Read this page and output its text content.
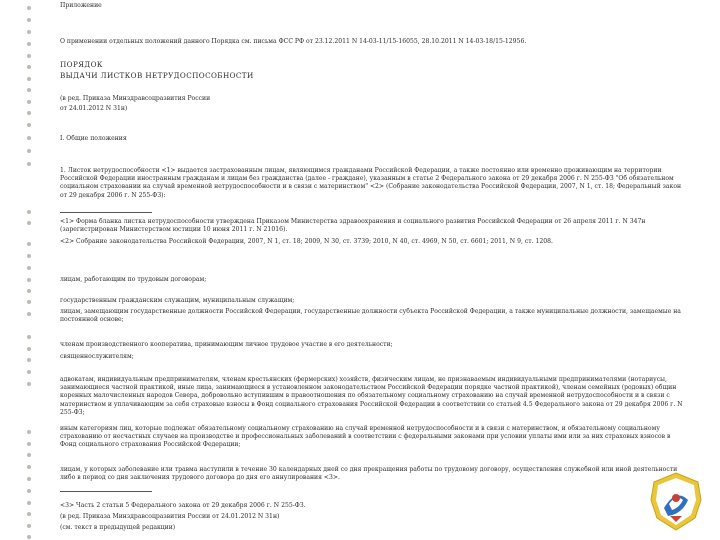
Приложение
О применении отдельных положений данного Порядка см. письма ФСС РФ от 23.12.2011 N 14-03-11/15-16055, 28.10.2011 N 14-03-18/15-12956.
ПОРЯДОК
ВЫДАЧИ ЛИСТКОВ НЕТРУДОСПОСОБНОСТИ
(в ред. Приказа Минздравсоцразвития России
от 24.01.2012 N 31н)
I. Общие положения
1. Листок нетрудоспособности <1> выдается застрахованным лицам, являющимся гражданами Российской Федерации, а также постоянно или временно проживающим на территории Российской Федерации иностранным гражданам и лицам без гражданства (далее - граждане), указанным в статье 2 Федерального закона от 29 декабря 2006 г. N 255-ФЗ "Об обязательном социальном страховании на случай временной нетрудоспособности и в связи с материнством" <2> (Собрание законодательства Российской Федерации, 2007, N 1, ст. 18; Федеральный закон от 29 декабря 2006 г. N 255-ФЗ):
<1> Форма бланка листка нетрудоспособности утверждена Приказом Министерства здравоохранения и социального развития Российской Федерации от 26 апреля 2011 г. N 347н (зарегистрирован Министерством юстиции 10 июня 2011 г. N 21016).
<2> Собрание законодательства Российской Федерации, 2007, N 1, ст. 18; 2009, N 30, ст. 3739; 2010, N 40, ст. 4969, N 50, ст. 6601; 2011, N 9, ст. 1208.
лицам, работающим по трудовым договорам;
государственным гражданским служащим, муниципальным служащим;
лицам, замещающим государственные должности Российской Федерации, государственные должности субъекта Российской Федерации, а также муниципальные должности, замещаемые на постоянной основе;
членам производственного кооператива, принимающим личное трудовое участие в его деятельности;
священнослужителям;
адвокатам, индивидуальным предпринимателям, членам крестьянских (фермерских) хозяйств, физическим лицам, не признаваемым индивидуальными предпринимателями (нотариусы, занимающиеся частной практикой, иные лица, занимающиеся в установленном законодательством Российской Федерации порядке частной практикой), членам семейных (родовых) общин коренных малочисленных народов Севера, добровольно вступившим в правоотношения по обязательному социальному страхованию на случай временной нетрудоспособности и в связи с материнством и уплачивающим за себя страховые взносы в Фонд социального страхования Российской Федерации в соответствии со статьей 4.5 Федерального закона от 29 декабря 2006 г. N 255-ФЗ;
иным категориям лиц, которые подлежат обязательному социальному страхованию на случай временной нетрудоспособности и в связи с материнством, и обязательному социальному страхованию от несчастных случаев на производстве и профессиональных заболеваний в соответствии с федеральными законами при условии уплаты ими или за них страховых взносов в Фонд социального страхования Российской Федерации;
лицам, у которых заболевание или травма наступили в течение 30 календарных дней со дня прекращения работы по трудовому договору, осуществления служебной или иной деятельности либо в период со дня заключения трудового договора до дня его аннулирования <3>.
<3> Часть 2 статьи 5 Федерального закона от 29 декабря 2006 г. N 255-ФЗ.
(в ред. Приказа Минздравсоцразвития России от 24.01.2012 N 31н)
(см. текст в предыдущей редакции)
